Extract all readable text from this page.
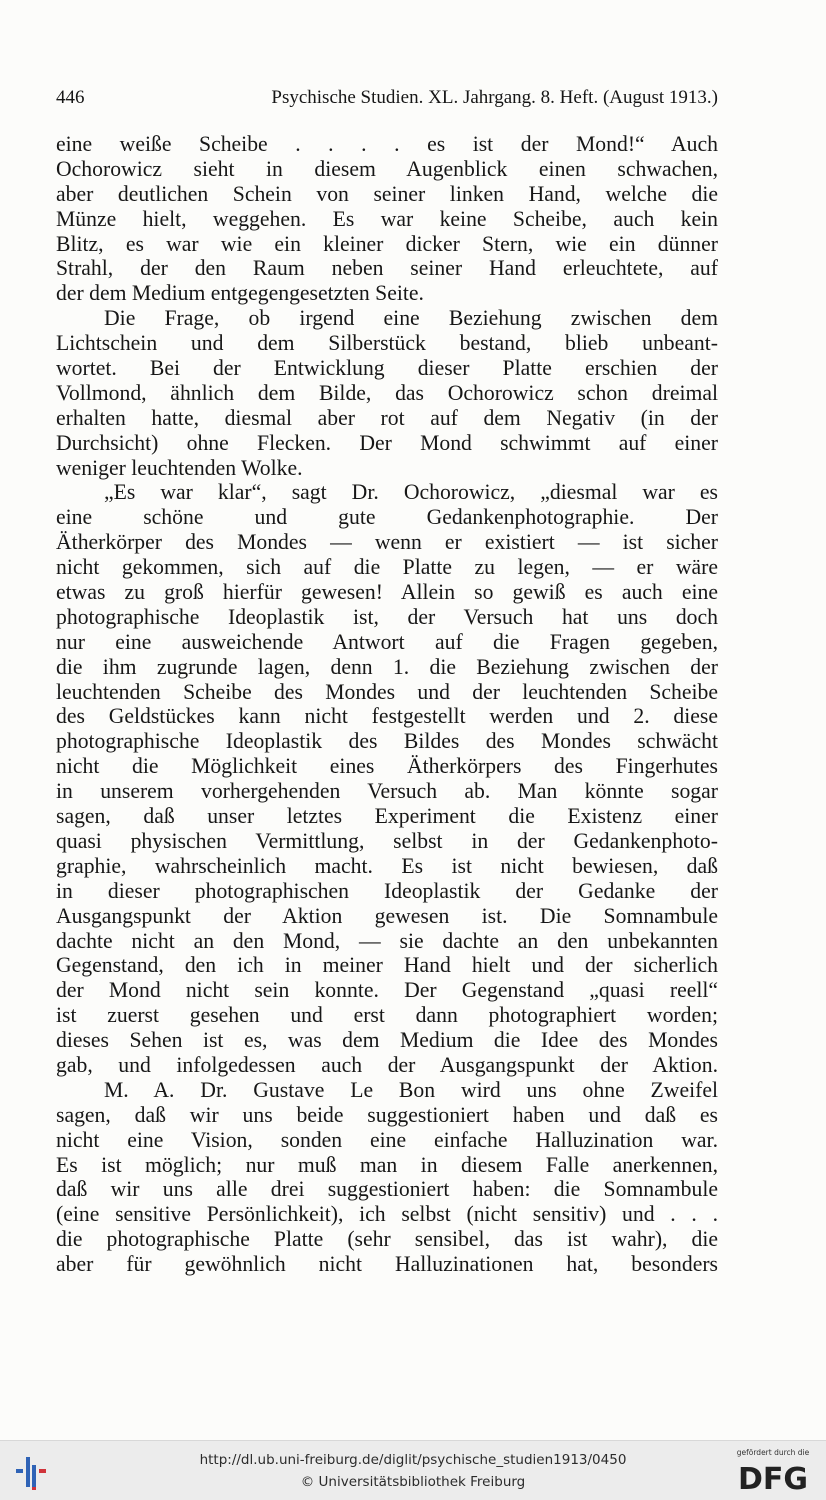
446	Psychische Studien. XL. Jahrgang. 8. Heft. (August 1913.)
eine weiße Scheibe . . . . es ist der Mond!“ Auch
Ochorowicz sieht in diesem Augenblick einen schwachen,
aber deutlichen Schein von seiner linken Hand, welche die
Münze hielt, weggehen. Es war keine Scheibe, auch kein
Blitz, es war wie ein kleiner dicker Stern, wie ein dünner
Strahl, der den Raum neben seiner Hand erleuchtete, auf
der dem Medium entgegengesetzten Seite.
Die Frage, ob irgend eine Beziehung zwischen dem
Lichtschein und dem Silberstück bestand, blieb unbeant-
wortet. Bei der Entwicklung dieser Platte erschien der
Vollmond, ähnlich dem Bilde, das Ochorowicz schon dreimal
erhalten hatte, diesmal aber rot auf dem Negativ (in der
Durchsicht) ohne Flecken. Der Mond schwimmt auf einer
weniger leuchtenden Wolke.
„Es war klar“, sagt Dr. Ochorowicz, „diesmal war es
eine schöne und gute Gedankenphotographie. Der
Ätherkörper des Mondes — wenn er existiert — ist sicher
nicht gekommen, sich auf die Platte zu legen, — er wäre
etwas zu groß hierfür gewesen! Allein so gewiß es auch eine
photographische Ideoplastik ist, der Versuch hat uns doch
nur eine ausweichende Antwort auf die Fragen gegeben,
die ihm zugrunde lagen, denn 1. die Beziehung zwischen der
leuchtenden Scheibe des Mondes und der leuchtenden Scheibe
des Geldstückes kann nicht festgestellt werden und 2. diese
photographische Ideoplastik des Bildes des Mondes schwächt
nicht die Möglichkeit eines Ätherkörpers des Fingerhutes
in unserem vorhergehenden Versuch ab. Man könnte sogar
sagen, daß unser letztes Experiment die Existenz einer
quasi physischen Vermittlung, selbst in der Gedankenphoto-
graphie, wahrscheinlich macht. Es ist nicht bewiesen, daß
in dieser photographischen Ideoplastik der Gedanke der
Ausgangspunkt der Aktion gewesen ist. Die Somnambule
dachte nicht an den Mond, — sie dachte an den unbekannten
Gegenstand, den ich in meiner Hand hielt und der sicherlich
der Mond nicht sein konnte. Der Gegenstand „quasi reell“
ist zuerst gesehen und erst dann photographiert worden;
dieses Sehen ist es, was dem Medium die Idee des Mondes
gab, und infolgedessen auch der Ausgangspunkt der Aktion.
M. A. Dr. Gustave Le Bon wird uns ohne Zweifel
sagen, daß wir uns beide suggestioniert haben und daß es
nicht eine Vision, sonden eine einfache Halluzination war.
Es ist möglich; nur muß man in diesem Falle anerkennen,
daß wir uns alle drei suggestioniert haben: die Somnambule
(eine sensitive Persönlichkeit), ich selbst (nicht sensitiv) und . . .
die photographische Platte (sehr sensibel, das ist wahr), die
aber für gewöhnlich nicht Halluzinationen hat, besonders
http://dl.ub.uni-freiburg.de/diglit/psychische_studien1913/0450
© Universitätsbibliothek Freiburg
gefördert durch die
DFG
